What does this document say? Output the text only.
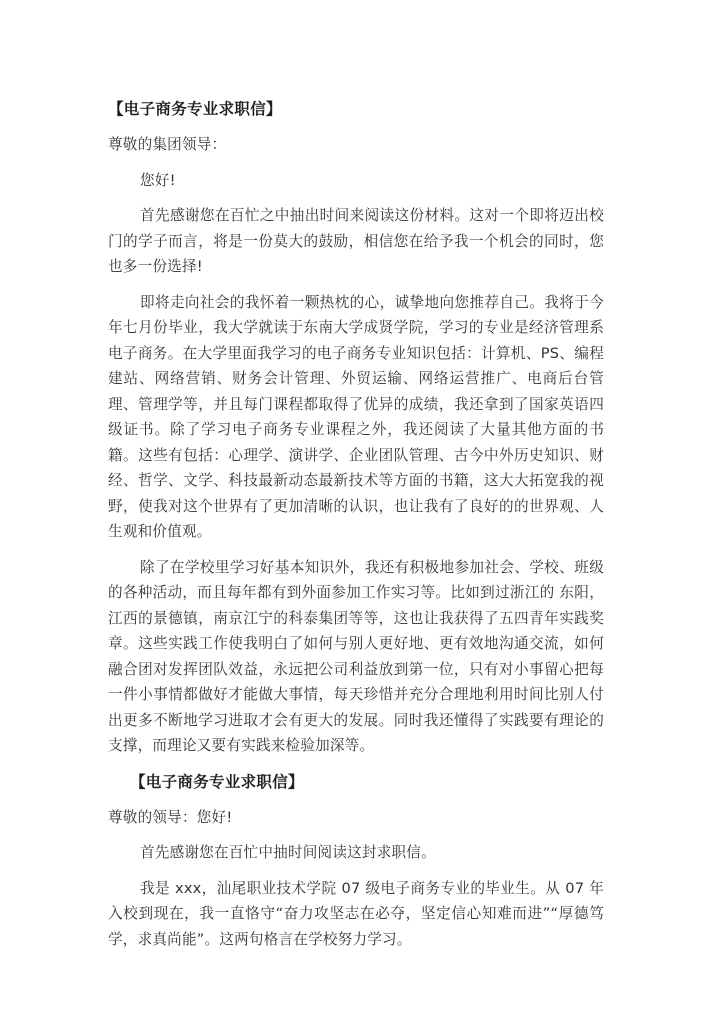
【电子商务专业求职信】
尊敬的集团领导：
您好!
首先感谢您在百忙之中抽出时间来阅读这份材料。这对一个即将迈出校门的学子而言，将是一份莫大的鼓励，相信您在给予我一个机会的同时，您也多一份选择!
即将走向社会的我怀着一颗热枕的心，诚挚地向您推荐自己。我将于今年七月份毕业，我大学就读于东南大学成贤学院，学习的专业是经济管理系电子商务。在大学里面我学习的电子商务专业知识包括：计算机、PS、编程建站、网络营销、财务会计管理、外贸运输、网络运营推广、电商后台管理、管理学等，并且每门课程都取得了优异的成绩，我还拿到了国家英语四级证书。除了学习电子商务专业课程之外，我还阅读了大量其他方面的书籍。这些有包括：心理学、演讲学、企业团队管理、古今中外历史知识、财经、哲学、文学、科技最新动态最新技术等方面的书籍，这大大拓宽我的视野，使我对这个世界有了更加清晰的认识，也让我有了良好的的世界观、人生观和价值观。
除了在学校里学习好基本知识外，我还有积极地参加社会、学校、班级的各种活动，而且每年都有到外面参加工作实习等。比如到过浙江的 东阳，江西的景德镇，南京江宁的科泰集团等等，这也让我获得了五四青年实践奖章。这些实践工作使我明白了如何与别人更好地、更有效地沟通交流，如何融合团对发挥团队效益，永远把公司利益放到第一位，只有对小事留心把每一件小事情都做好才能做大事情，每天珍惜并充分合理地利用时间比别人付出更多不断地学习进取才会有更大的发展。同时我还懂得了实践要有理论的支撑，而理论又要有实践来检验加深等。
【电子商务专业求职信】
尊敬的领导：您好!
首先感谢您在百忙中抽时间阅读这封求职信。
我是 xxx，汕尾职业技术学院 07 级电子商务专业的毕业生。从 07 年入校到现在，我一直恪守“奋力攻坚志在必夺，坚定信心知难而进”“厚德笃学，求真尚能”。这两句格言在学校努力学习。
